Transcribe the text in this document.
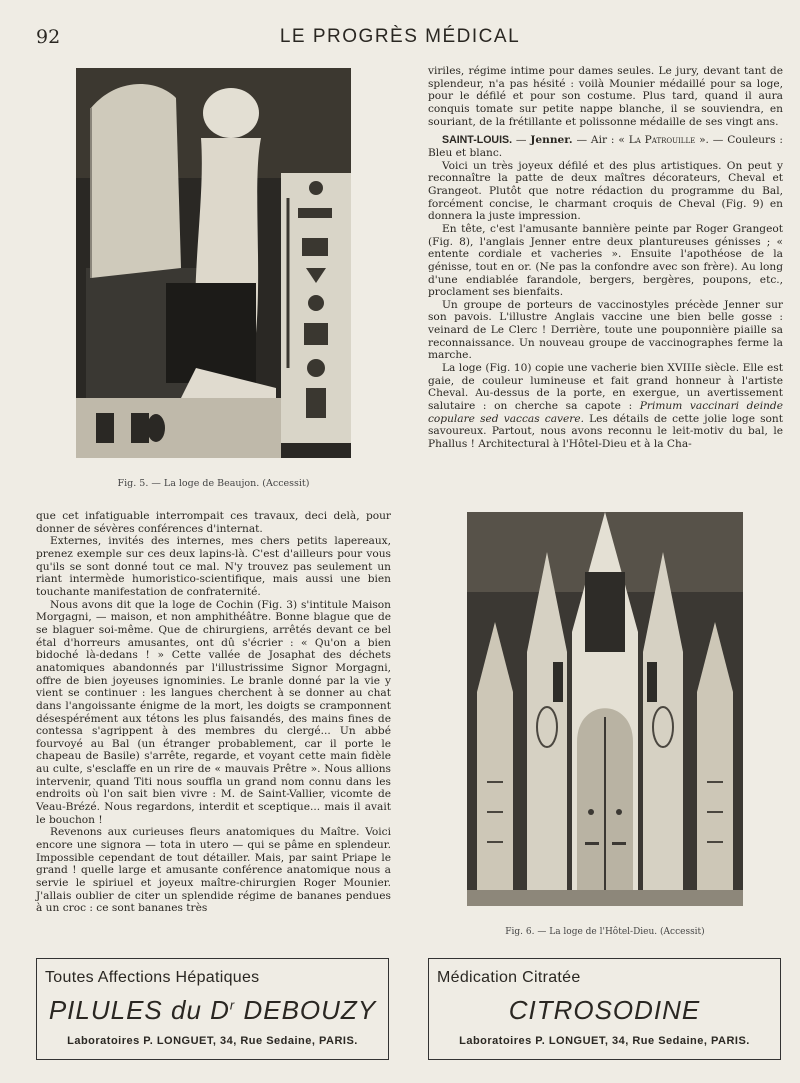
92	LE PROGRÈS MÉDICAL
Fig. 5. — La loge de Beaujon. (Accessit)

viriles, régime intime pour dames seules. Le jury, devant tant de splendeur, n'a pas hésité : voilà Mounier médaillé pour sa loge, pour le défilé et pour son costume. Plus tard, quand il aura conquis tomate sur petite nappe blanche, il se souviendra, en souriant, de la frétillante et polissonne médaille de ses vingt ans.

SAINT-LOUIS. — Jenner. — Air : « La Patrouille ». — Couleurs : Bleu et blanc.

Voici un très joyeux défilé et des plus artistiques. On peut y reconnaître la patte de deux maîtres décorateurs, Cheval et Grangeot. Plutôt que notre rédaction du programme du Bal, forcément concise, le charmant croquis de Cheval (Fig. 9) en donnera la juste impression.

En tête, c'est l'amusante bannière peinte par Roger Grangeot (Fig. 8), l'anglais Jenner entre deux plantureuses génisses ; « entente cordiale et vacheries ». Ensuite l'apothéose de la génisse, tout en or. (Ne pas la confondre avec son frère). Au long d'une endiablée farandole, bergers, bergères, poupons, etc., proclament ses bienfaits.

Un groupe de porteurs de vaccinostyles précède Jenner sur son pavois. L'illustre Anglais vaccine une bien belle gosse : veinard de Le Clerc ! Derrière, toute une pouponnière piaille sa reconnaissance. Un nouveau groupe de vaccinographes ferme la marche.

La loge (Fig. 10) copie une vacherie bien XVIIIe siècle. Elle est gaie, de couleur lumineuse et fait grand honneur à l'artiste Cheval. Au-dessus de la porte, en exergue, un avertissement salutaire : on cherche sa capote : Primum vaccinari deinde copulare sed vaccas cavere. Les détails de cette jolie loge sont savoureux. Partout, nous avons reconnu le leit-motiv du bal, le Phallus ! Architectural à l'Hôtel-Dieu et à la Cha-

que cet infatiguable interrompait ces travaux, deci delà, pour donner de sévères conférences d'internat.

Externes, invités des internes, mes chers petits lapereaux, prenez exemple sur ces deux lapins-là. C'est d'ailleurs pour vous qu'ils se sont donné tout ce mal. N'y trouvez pas seulement un riant intermède humoristico-scientifique, mais aussi une bien touchante manifestation de confraternité.

Nous avons dit que la loge de Cochin (Fig. 3) s'intitule Maison Morgagni, — maison, et non amphithéâtre. Bonne blague que de se blaguer soi-même. Que de chirurgiens, arrêtés devant ce bel étal d'horreurs amusantes, ont dû s'écrier : « Qu'on a bien bidoché là-dedans ! » Cette vallée de Josaphat des déchets anatomiques abandonnés par l'illustrissime Signor Morgagni, offre de bien joyeuses ignominies. Le branle donné par la vie y vient se continuer : les langues cherchent à se donner au chat dans l'angoissante énigme de la mort, les doigts se cramponnent désespérément aux tétons les plus faisandés, des mains fines de contessa s'agrippent à des membres du clergé... Un abbé fourvoyé au Bal (un étranger probablement, car il porte le chapeau de Basile) s'arrête, regarde, et voyant cette main fidèle au culte, s'esclaffe en un rire de « mauvais Prêtre ». Nous allions intervenir, quand Titi nous souffla un grand nom connu dans les endroits où l'on sait bien vivre : M. de Saint-Vallier, vicomte de Veau-Brézé. Nous regardons, interdit et sceptique... mais il avait le bouchon !

Revenons aux curieuses fleurs anatomiques du Maître. Voici encore une signora — tota in utero — qui se pâme en splendeur. Impossible cependant de tout détailler. Mais, par saint Priape le grand ! quelle large et amusante conférence anatomique nous a servie le spiriuel et joyeux maître-chirurgien Roger Mounier. J'allais oublier de citer un splendide régime de bananes pendues à un croc : ce sont bananes très

Fig. 6. — La loge de l'Hôtel-Dieu. (Accessit)
Toutes Affections Hépatiques
PILULES du $D^r$ DEBOUZY
Laboratoires P. LONGUET, 34, Rue Sedaine, PARIS.
Médication Citratée
CITROSODINE
Laboratoires P. LONGUET, 34, Rue Sedaine, PARIS.
